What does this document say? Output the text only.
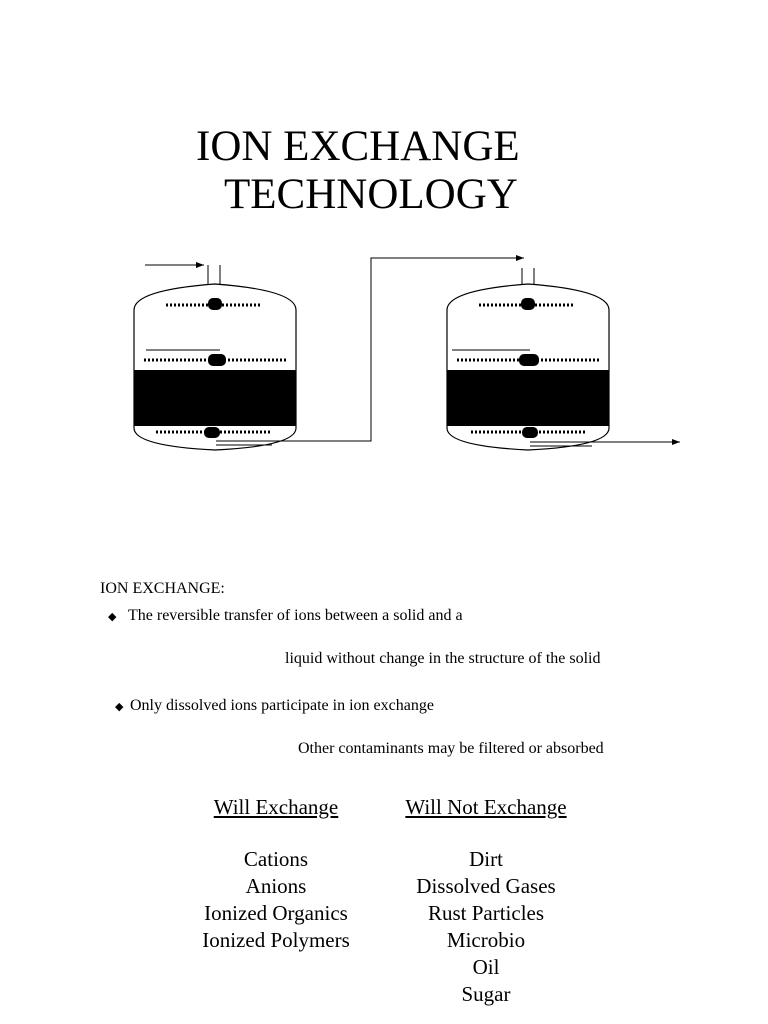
ION EXCHANGE
TECHNOLOGY
ION EXCHANGE:
◆ The reversible transfer of ions between a solid and a
liquid without change in the structure of the solid
◆ Only dissolved ions participate in ion exchange
Other contaminants may be filtered or absorbed
Will Exchange
Cations
Anions
Ionized Organics
Ionized Polymers
Will Not Exchange
Dirt
Dissolved Gases
Rust Particles
Microbio
Oil
Sugar
